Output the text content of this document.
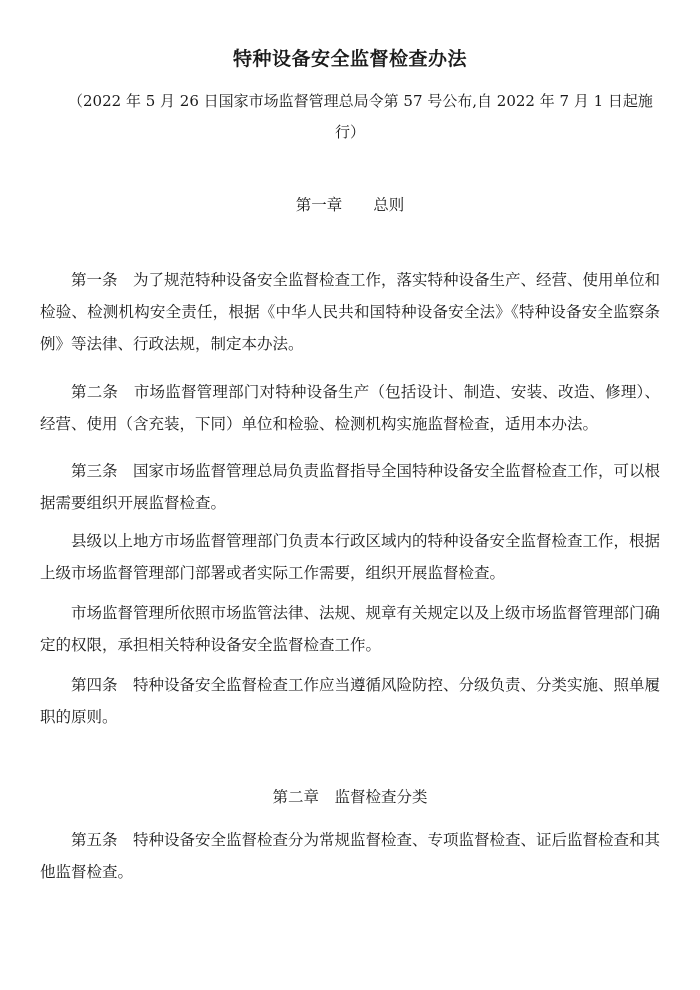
特种设备安全监督检查办法

（2022 年 5 月 26 日国家市场监督管理总局令第 57 号公布,自 2022 年 7 月 1 日起施
行）

第一章　　总则

第一条　为了规范特种设备安全监督检查工作，落实特种设备生产、经营、使用单位和检验、检测机构安全责任，根据《中华人民共和国特种设备安全法》《特种设备安全监察条例》等法律、行政法规，制定本办法。

第二条　市场监督管理部门对特种设备生产（包括设计、制造、安装、改造、修理）、经营、使用（含充装，下同）单位和检验、检测机构实施监督检查，适用本办法。

第三条　国家市场监督管理总局负责监督指导全国特种设备安全监督检查工作，可以根据需要组织开展监督检查。

县级以上地方市场监督管理部门负责本行政区域内的特种设备安全监督检查工作，根据上级市场监督管理部门部署或者实际工作需要，组织开展监督检查。

市场监督管理所依照市场监管法律、法规、规章有关规定以及上级市场监督管理部门确定的权限，承担相关特种设备安全监督检查工作。

第四条　特种设备安全监督检查工作应当遵循风险防控、分级负责、分类实施、照单履职的原则。

第二章　监督检查分类

第五条　特种设备安全监督检查分为常规监督检查、专项监督检查、证后监督检查和其他监督检查。
